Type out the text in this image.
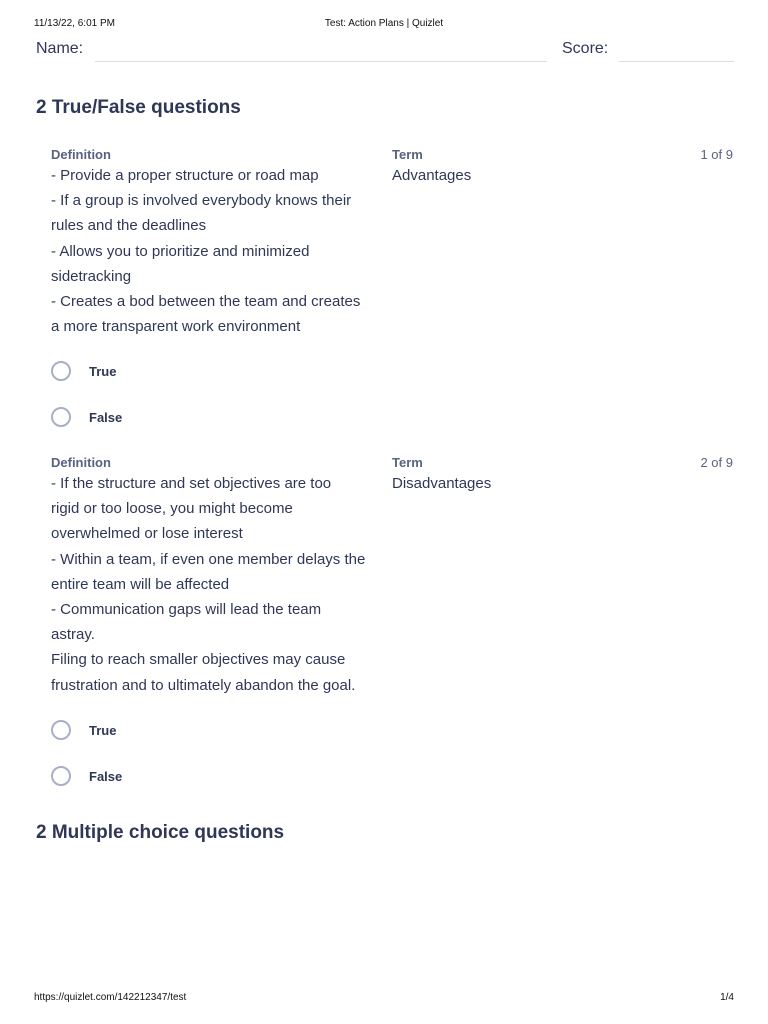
11/13/22, 6:01 PM	Test: Action Plans | Quizlet
Name:	Score:
2 True/False questions
Definition	Term	1 of 9
- Provide a proper structure or road map
- If a group is involved everybody knows their
rules and the deadlines
- Allows you to prioritize and minimized
sidetracking
- Creates a bod between the team and creates
a more transparent work environment
Advantages
True
False
Definition	Term	2 of 9
- If the structure and set objectives are too
rigid or too loose, you might become
overwhelmed or lose interest
- Within a team, if even one member delays the
entire team will be affected
- Communication gaps will lead the team
astray.
Filing to reach smaller objectives may cause
frustration and to ultimately abandon the goal.
Disadvantages
True
False
2 Multiple choice questions
https://quizlet.com/142212347/test	1/4
